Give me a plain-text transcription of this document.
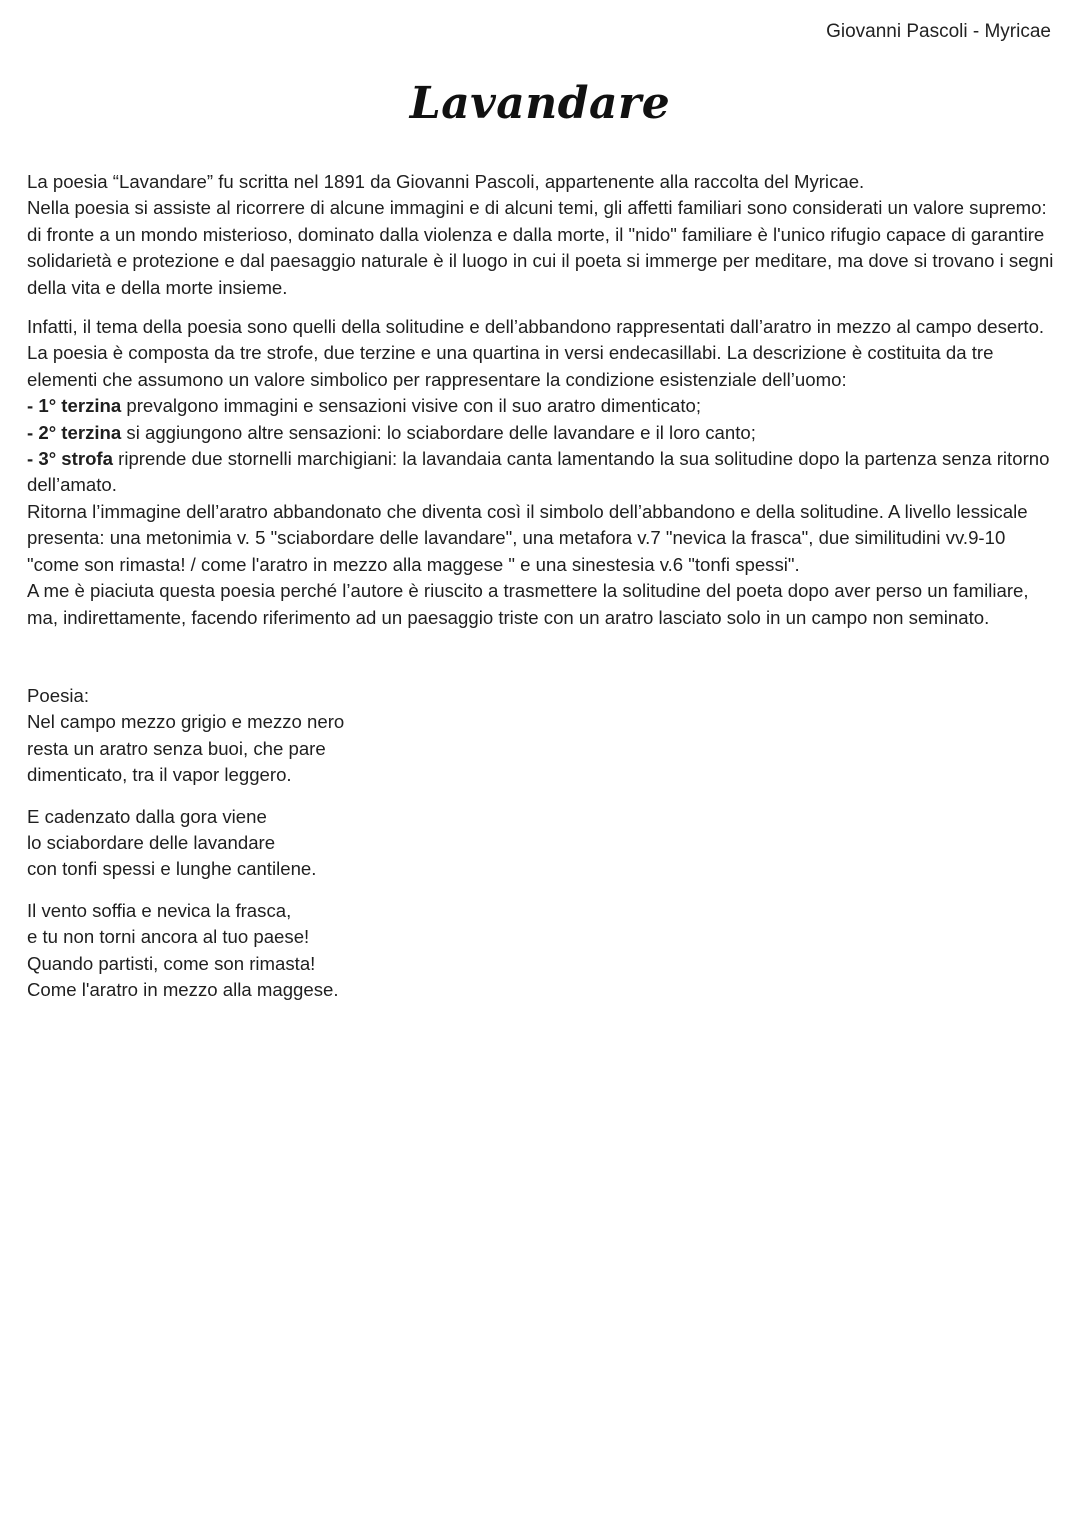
Giovanni Pascoli - Myricae
Lavandare

La poesia “Lavandare” fu scritta nel 1891 da Giovanni Pascoli, appartenente alla raccolta del Myricae.

Nella poesia si assiste al ricorrere di alcune immagini e di alcuni temi, gli affetti familiari sono considerati un valore supremo: di fronte a un mondo misterioso, dominato dalla violenza e dalla morte, il "nido" familiare è l'unico rifugio capace di garantire solidarietà e protezione e dal paesaggio naturale è il luogo in cui il poeta si immerge per meditare, ma dove si trovano i segni della vita e della morte insieme.

Infatti, il tema della poesia sono quelli della solitudine e dell’abbandono rappresentati dall’aratro in mezzo al campo deserto. La poesia è composta da tre strofe, due terzine e una quartina in versi endecasillabi. La descrizione è costituita da tre elementi che assumono un valore simbolico per rappresentare la condizione esistenziale dell’uomo:

- 1° terzina prevalgono immagini e sensazioni visive con il suo aratro dimenticato;

- 2° terzina si aggiungono altre sensazioni: lo sciabordare delle lavandare e il loro canto;

- 3° strofa riprende due stornelli marchigiani: la lavandaia canta lamentando la sua solitudine dopo la partenza senza ritorno dell’amato.

Ritorna l’immagine dell’aratro abbandonato che diventa così il simbolo dell’abbandono e della solitudine. A livello lessicale presenta: una metonimia v. 5 "sciabordare delle lavandare", una metafora v.7 "nevica la frasca", due similitudini vv.9-10 "come son rimasta! / come l'aratro in mezzo alla maggese " e una sinestesia v.6 "tonfi spessi".

A me è piaciuta questa poesia perché l’autore è riuscito a trasmettere la solitudine del poeta dopo aver perso un familiare, ma, indirettamente, facendo riferimento ad un paesaggio triste con un aratro lasciato solo in un campo non seminato.

Poesia:
Nel campo mezzo grigio e mezzo nero
resta un aratro senza buoi, che pare
dimenticato, tra il vapor leggero.
E cadenzato dalla gora viene
lo sciabordare delle lavandare
con tonfi spessi e lunghe cantilene.
Il vento soffia e nevica la frasca,
e tu non torni ancora al tuo paese!
Quando partisti, come son rimasta!
Come l'aratro in mezzo alla maggese.
